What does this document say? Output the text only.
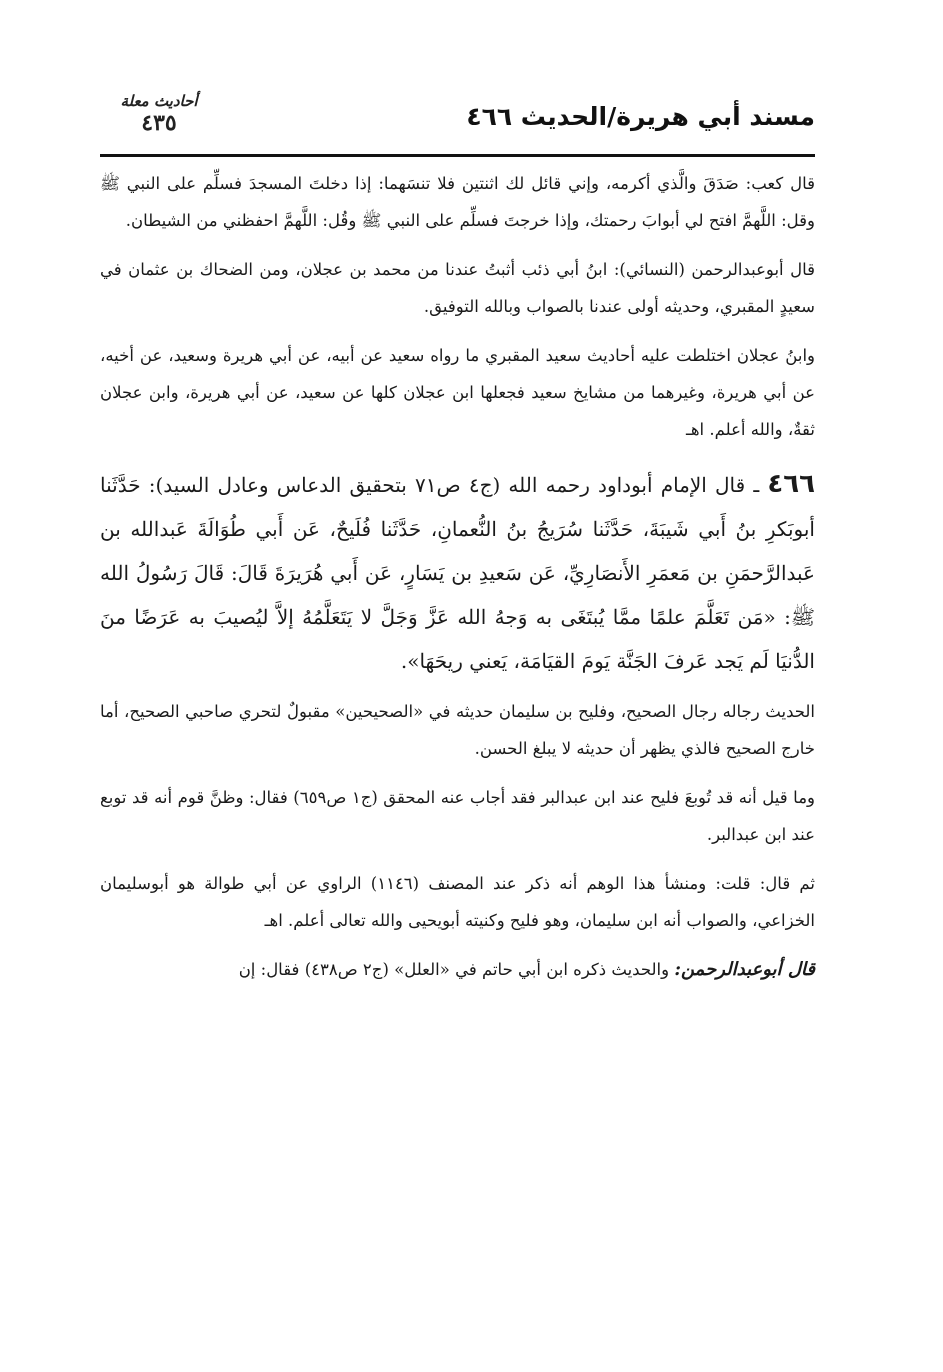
مسند أبي هريرة/الحديث ٤٦٦
أحاديث معلة
٤٣٥

قال كعب: صَدَقَ والَّذي أكرمه، وإني قائل لك اثنتين فلا تنسَهما: إذا دخلتَ المسجدَ فسلِّم على النبي ﷺ وقل: اللَّهمَّ افتح لي أبوابَ رحمتك، وإذا خرجتَ فسلِّم على النبي ﷺ وقُل: اللَّهمَّ احفظني من الشيطان.

قال أبوعبدالرحمن (النسائي): ابنُ أبي ذئب أثبتُ عندنا من محمد بن عجلان، ومن الضحاك بن عثمان في سعيدٍ المقبري، وحديثه أولى عندنا بالصواب وبالله التوفيق.

وابنُ عجلان اختلطت عليه أحاديث سعيد المقبري ما رواه سعيد عن أبيه، عن أبي هريرة وسعيد، عن أخيه، عن أبي هريرة، وغيرهما من مشايخ سعيد فجعلها ابن عجلان كلها عن سعيد، عن أبي هريرة، وابن عجلان ثقةٌ، والله أعلم. اهـ

٤٦٦ ـ قال الإمام أبوداود رحمه الله (ج٤ ص٧١ بتحقيق الدعاس وعادل السيد): حَدَّثَنا أبوبَكرِ بنُ أَبي شَيبَةَ، حَدَّثَنا سُرَيجُ بنُ النُّعمانِ، حَدَّثَنا فُلَيحٌ، عَن أَبي طُوَالَةَ عَبدالله بن عَبدالرَّحمَنِ بن مَعمَرِ الأَنصَارِيِّ، عَن سَعيدِ بن يَسَارٍ، عَن أَبي هُرَيرَةَ قَالَ: قَالَ رَسُولُ الله ﷺ: «مَن تَعَلَّمَ علمًا ممَّا يُبتَغَى به وَجهُ الله عَزَّ وَجَلَّ لا يَتَعَلَّمُهُ إلاَّ ليُصيبَ به عَرَضًا منَ الدُّنيَا لَم يَجد عَرفَ الجَنَّة يَومَ القيَامَة، يَعني ريحَهَا».

الحديث رجاله رجال الصحيح، وفليح بن سليمان حديثه في «الصحيحين» مقبولٌ لتحري صاحبي الصحيح، أما خارج الصحيح فالذي يظهر أن حديثه لا يبلغ الحسن.

وما قيل أنه قد تُوبعَ فليح عند ابن عبدالبر فقد أجاب عنه المحقق (ج١ ص٦٥٩) فقال: وظنَّ قوم أنه قد توبع عند ابن عبدالبر.

ثم قال: قلت: ومنشأ هذا الوهم أنه ذكر عند المصنف (١١٤٦) الراوي عن أبي طوالة هو أبوسليمان الخزاعي، والصواب أنه ابن سليمان، وهو فليح وكنيته أبويحيى والله تعالى أعلم. اهـ

قال أبوعبدالرحمن: والحديث ذكره ابن أبي حاتم في «العلل» (ج٢ ص٤٣٨) فقال: إن
